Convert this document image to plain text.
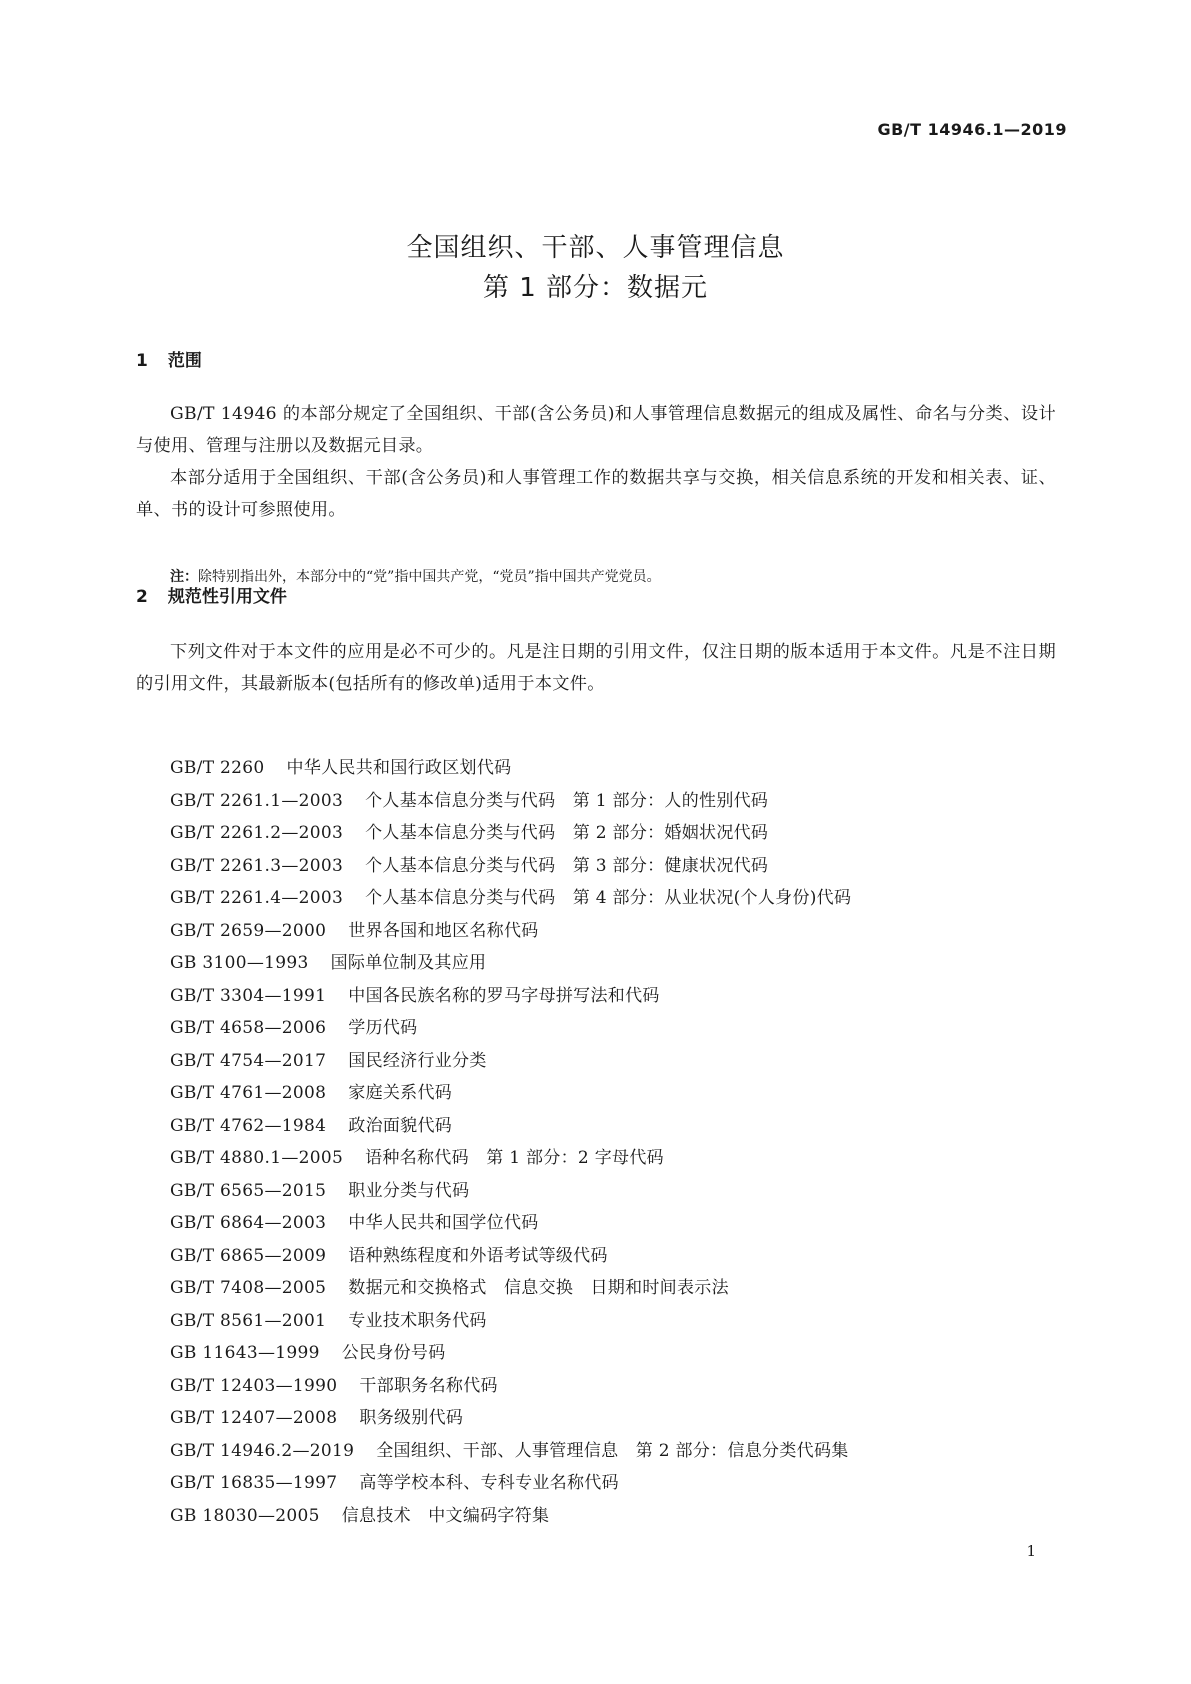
GB/T 14946.1—2019
全国组织、干部、人事管理信息
第 1 部分：数据元
1 范围
GB/T 14946 的本部分规定了全国组织、干部(含公务员)和人事管理信息数据元的组成及属性、命名与分类、设计与使用、管理与注册以及数据元目录。
本部分适用于全国组织、干部(含公务员)和人事管理工作的数据共享与交换，相关信息系统的开发和相关表、证、单、书的设计可参照使用。
注：除特别指出外，本部分中的“党”指中国共产党，“党员”指中国共产党党员。
2 规范性引用文件
下列文件对于本文件的应用是必不可少的。凡是注日期的引用文件，仅注日期的版本适用于本文件。凡是不注日期的引用文件，其最新版本(包括所有的修改单)适用于本文件。
GB/T 2260 中华人民共和国行政区划代码
GB/T 2261.1—2003 个人基本信息分类与代码　第 1 部分：人的性别代码
GB/T 2261.2—2003 个人基本信息分类与代码　第 2 部分：婚姻状况代码
GB/T 2261.3—2003 个人基本信息分类与代码　第 3 部分：健康状况代码
GB/T 2261.4—2003 个人基本信息分类与代码　第 4 部分：从业状况(个人身份)代码
GB/T 2659—2000 世界各国和地区名称代码
GB 3100—1993 国际单位制及其应用
GB/T 3304—1991 中国各民族名称的罗马字母拼写法和代码
GB/T 4658—2006 学历代码
GB/T 4754—2017 国民经济行业分类
GB/T 4761—2008 家庭关系代码
GB/T 4762—1984 政治面貌代码
GB/T 4880.1—2005 语种名称代码　第 1 部分：2 字母代码
GB/T 6565—2015 职业分类与代码
GB/T 6864—2003 中华人民共和国学位代码
GB/T 6865—2009 语种熟练程度和外语考试等级代码
GB/T 7408—2005 数据元和交换格式　信息交换　日期和时间表示法
GB/T 8561—2001 专业技术职务代码
GB 11643—1999 公民身份号码
GB/T 12403—1990 干部职务名称代码
GB/T 12407—2008 职务级别代码
GB/T 14946.2—2019 全国组织、干部、人事管理信息　第 2 部分：信息分类代码集
GB/T 16835—1997 高等学校本科、专科专业名称代码
GB 18030—2005 信息技术　中文编码字符集
1
